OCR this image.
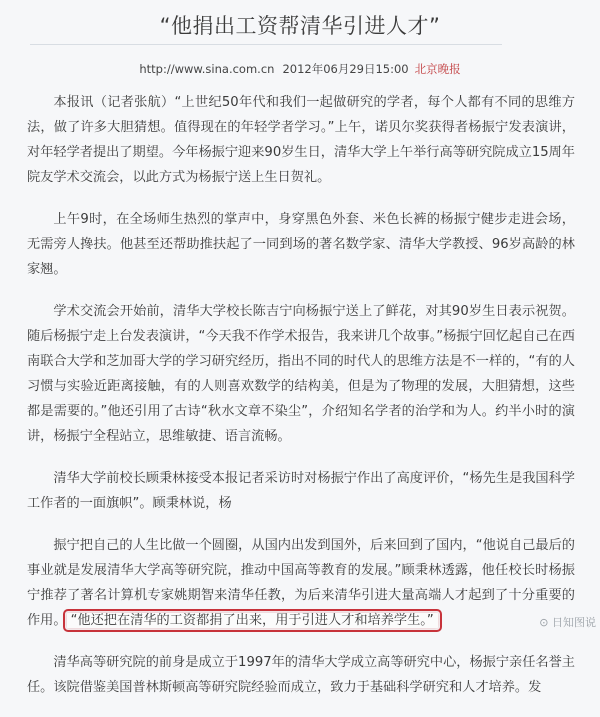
“他捐出工资帮清华引进人才”
http://www.sina.com.cn 2012年06月29日15:00 北京晚报

本报讯（记者张航）“上世纪50年代和我们一起做研究的学者，每个人都有不同的思维方法，做了许多大胆猜想。值得现在的年轻学者学习。”上午，诺贝尔奖获得者杨振宁发表演讲，对年轻学者提出了期望。今年杨振宁迎来90岁生日，清华大学上午举行高等研究院成立15周年院友学术交流会，以此方式为杨振宁送上生日贺礼。

上午9时，在全场师生热烈的掌声中，身穿黑色外套、米色长裤的杨振宁健步走进会场，无需旁人搀扶。他甚至还帮助推扶起了一同到场的著名数学家、清华大学教授、96岁高龄的林家翘。

学术交流会开始前，清华大学校长陈吉宁向杨振宁送上了鲜花，对其90岁生日表示祝贺。随后杨振宁走上台发表演讲，“今天我不作学术报告，我来讲几个故事。”杨振宁回忆起自己在西南联合大学和芝加哥大学的学习研究经历，指出不同的时代人的思维方法是不一样的，“有的人习惯与实验近距离接触，有的人则喜欢数学的结构美，但是为了物理的发展，大胆猜想，这些都是需要的。”他还引用了古诗“秋水文章不染尘”，介绍知名学者的治学和为人。约半小时的演讲，杨振宁全程站立，思维敏捷、语言流畅。

清华大学前校长顾秉林接受本报记者采访时对杨振宁作出了高度评价，“杨先生是我国科学工作者的一面旗帜”。顾秉林说，杨

振宁把自己的人生比做一个圆圈，从国内出发到国外，后来回到了国内，“他说自己最后的事业就是发展清华大学高等研究院，推动中国高等教育的发展。”顾秉林透露，他任校长时杨振宁推荐了著名计算机专家姚期智来清华任教，为后来清华引进大量高端人才起到了十分重要的作用。 “他还把在清华的工资都捐了出来，用于引进人才和培养学生。”

清华高等研究院的前身是成立于1997年的清华大学成立高等研究中心，杨振宁亲任名誉主任。该院借鉴美国普林斯顿高等研究院经验而成立，致力于基础科学研究和人才培养。发

⊙ 日知图说
